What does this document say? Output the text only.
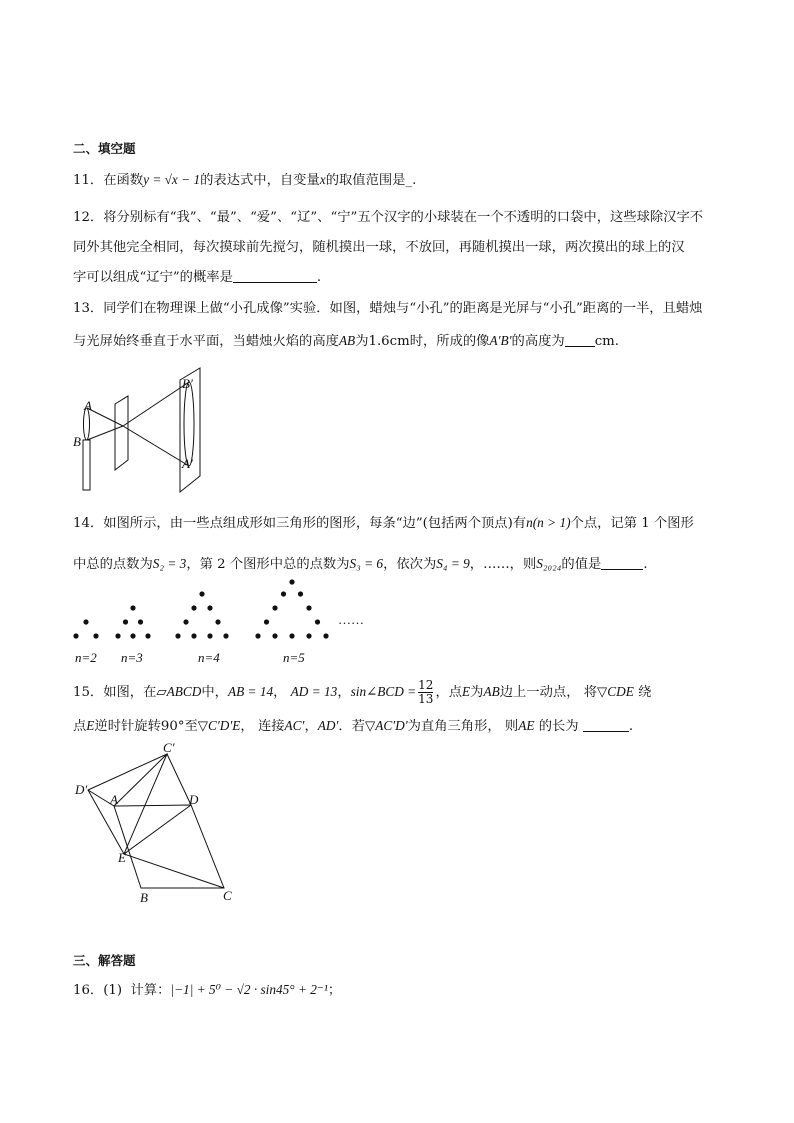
二、填空题
11．在函数y = √x − 1的表达式中，自变量x的取值范围是_.
12．将分别标有“我”、“最”、“爱”、“辽”、“宁”五个汉字的小球装在一个不透明的口袋中，这些球除汉字不
同外其他完全相同，每次摸球前先搅匀，随机摸出一球，不放回，再随机摸出一球，两次摸出的球上的汉
字可以组成“辽宁”的概率是	.
13．同学们在物理课上做“小孔成像”实验．如图，蜡烛与“小孔”的距离是光屏与“小孔”距离的一半，且蜡烛
与光屏始终垂直于水平面，当蜡烛火焰的高度AB为1.6cm时，所成的像A′B′的高度为 cm.
A
B
B′
A′
14．如图所示，由一些点组成形如三角形的图形，每条“边”(包括两个顶点)有n(n > 1)个点，记第 1 个图形
中总的点数为S₂ = 3，第 2 个图形中总的点数为S₃ = 6，依次为S₄ = 9，……，则S₂₀₂₄的值是	.
……
n=2 n=3	n=4	n=5
15．如图，在▱ABCD中，AB = 14， AD = 13，sin∠BCD = $\frac{12}{13}$ ，点E为AB边上一动点， 将▽CDE 绕
点E逆时针旋转90°至▽C′D′E， 连接AC′，AD′．若▽AC′D′为直角三角形， 则AE 的长为	.
C′
D′
A	D
E
B	C
三、解答题
16．(1) 计算：|−1| + 5⁰ − √2 · sin45° + 2⁻¹；
